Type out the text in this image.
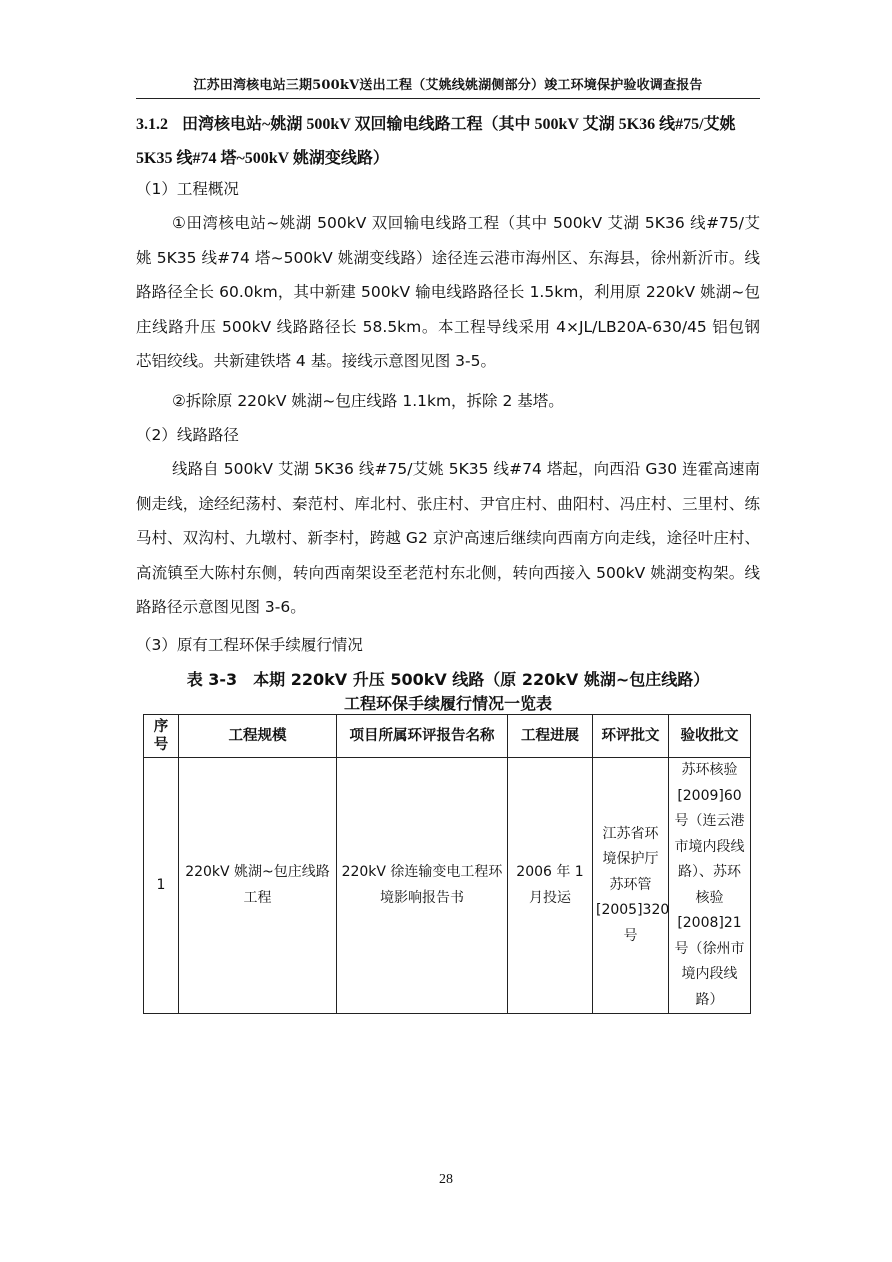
江苏田湾核电站三期500kV送出工程（艾姚线姚湖侧部分）竣工环境保护验收调查报告
3.1.2 田湾核电站~姚湖 500kV 双回输电线路工程（其中 500kV 艾湖 5K36 线#75/艾姚 5K35 线#74 塔~500kV 姚湖变线路）
（1）工程概况
①田湾核电站~姚湖 500kV 双回输电线路工程（其中 500kV 艾湖 5K36 线#75/艾姚 5K35 线#74 塔~500kV 姚湖变线路）途径连云港市海州区、东海县，徐州新沂市。线路路径全长 60.0km，其中新建 500kV 输电线路路径长 1.5km，利用原 220kV 姚湖~包庄线路升压 500kV 线路路径长 58.5km。本工程导线采用 4×JL/LB20A-630/45 铝包钢芯铝绞线。共新建铁塔 4 基。接线示意图见图 3-5。
②拆除原 220kV 姚湖~包庄线路 1.1km，拆除 2 基塔。
（2）线路路径
线路自 500kV 艾湖 5K36 线#75/艾姚 5K35 线#74 塔起，向西沿 G30 连霍高速南侧走线，途经纪荡村、秦范村、库北村、张庄村、尹官庄村、曲阳村、冯庄村、三里村、练马村、双沟村、九墩村、新李村，跨越 G2 京沪高速后继续向西南方向走线，途径叶庄村、高流镇至大陈村东侧，转向西南架设至老范村东北侧，转向西接入 500kV 姚湖变构架。线路路径示意图见图 3-6。
（3）原有工程环保手续履行情况
表 3-3　本期 220kV 升压 500kV 线路（原 220kV 姚湖~包庄线路）
工程环保手续履行情况一览表
序号	工程规模	项目所属环评报告名称	工程进展	环评批文	验收批文
1	220kV 姚湖~包庄线路工程	220kV 徐连输变电工程环境影响报告书	2006 年 1 月投运	江苏省环境保护厅苏环管[2005]320号	苏环核验[2009]60 号（连云港市境内段线路）、苏环核验[2008]21 号（徐州市境内段线路）
28
